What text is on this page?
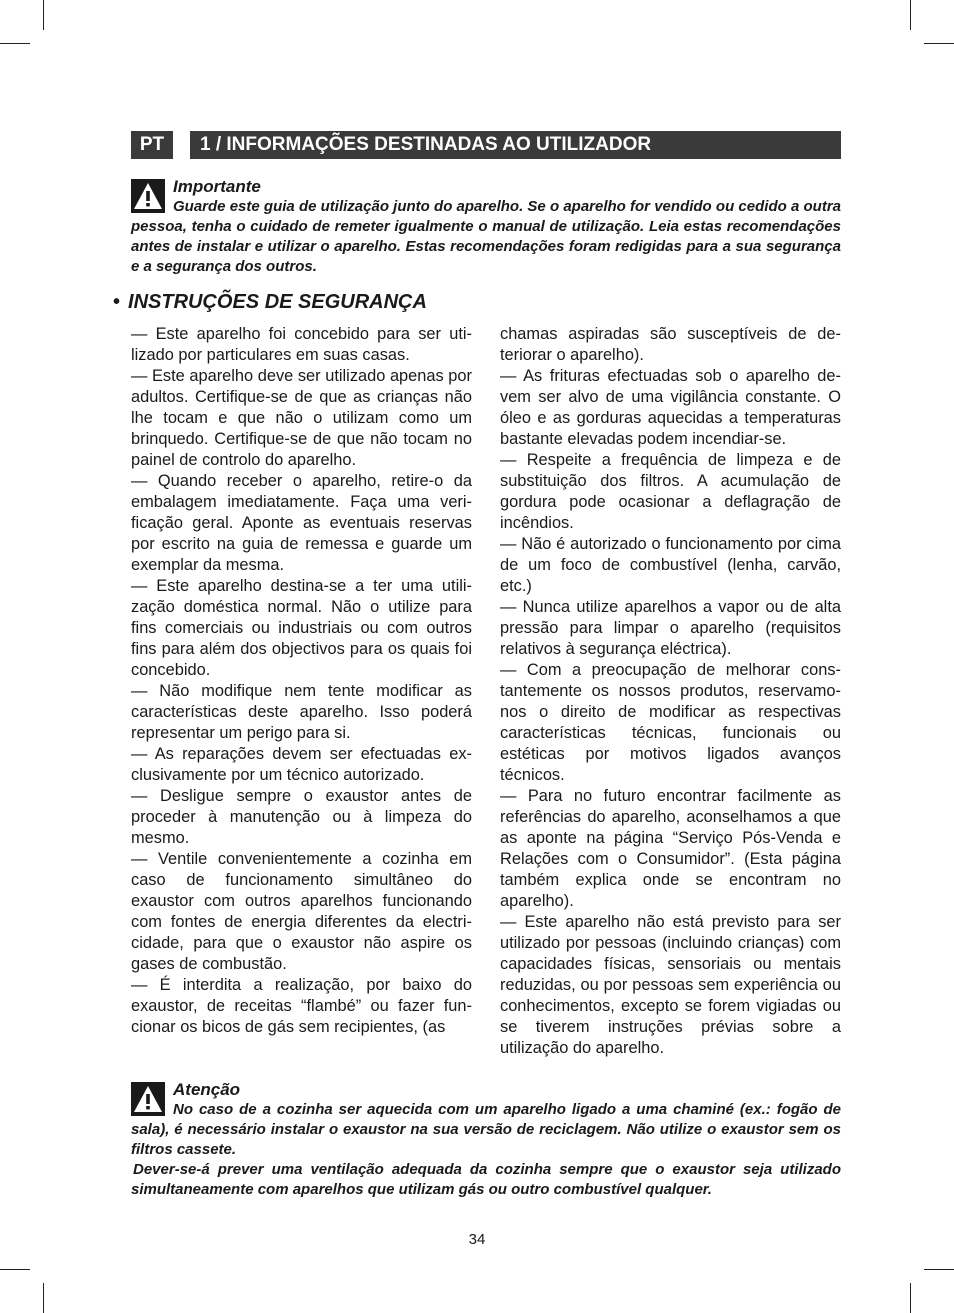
PT	1 / INFORMAÇÕES DESTINADAS AO UTILIZADOR
Importante

Guarde este guia de utilização junto do aparelho. Se o aparelho for vendido ou cedido a outra pessoa, tenha o cuidado de remeter igualmente o manual de utilização. Leia estas recomendações antes de instalar e utilizar o aparelho. Estas recomendações foram redigidas para a sua segurança e a segurança dos outros.

• INSTRUÇÕES DE SEGURANÇA

— Este aparelho foi concebido para ser utilizado por particulares em suas casas.

— Este aparelho deve ser utilizado apenas por adultos. Certifique-se de que as crianças não lhe tocam e que não o utilizam como um brinquedo. Certifique-se de que não tocam no painel de controlo do aparelho.

— Quando receber o aparelho, retire-o da embalagem imediatamente. Faça uma verificação geral. Aponte as eventuais reservas por escrito na guia de remessa e guarde um exemplar da mesma.

— Este aparelho destina-se a ter uma utilização doméstica normal. Não o utilize para fins comerciais ou industriais ou com outros fins para além dos objectivos para os quais foi concebido.

— Não modifique nem tente modificar as características deste aparelho. Isso poderá representar um perigo para si.

— As reparações devem ser efectuadas exclusivamente por um técnico autorizado.

— Desligue sempre o exaustor antes de proceder à manutenção ou à limpeza do mesmo.

— Ventile convenientemente a cozinha em caso de funcionamento simultâneo do exaustor com outros aparelhos funcionando com fontes de energia diferentes da electricidade, para que o exaustor não aspire os gases de combustão.

— É interdita a realização, por baixo do exaustor, de receitas “flambé” ou fazer funcionar os bicos de gás sem recipientes, (as

chamas aspiradas são susceptíveis de deteriorar o aparelho).

— As frituras efectuadas sob o aparelho devem ser alvo de uma vigilância constante. O óleo e as gorduras aquecidas a temperaturas bastante elevadas podem incendiar-se.

— Respeite a frequência de limpeza e de substituição dos filtros. A acumulação de gordura pode ocasionar a deflagração de incêndios.

— Não é autorizado o funcionamento por cima de um foco de combustível (lenha, carvão, etc.)

— Nunca utilize aparelhos a vapor ou de alta pressão para limpar o aparelho (requisitos relativos à segurança eléctrica).

— Com a preocupação de melhorar constantemente os nossos produtos, reservamo-nos o direito de modificar as respectivas características técnicas, funcionais ou estéticas por motivos ligados avanços técnicos.

— Para no futuro encontrar facilmente as referências do aparelho, aconselhamos a que as aponte na página “Serviço Pós-Venda e Relações com o Consumidor”. (Esta página também explica onde se encontram no aparelho).

— Este aparelho não está previsto para ser utilizado por pessoas (incluindo crianças) com capacidades físicas, sensoriais ou mentais reduzidas, ou por pessoas sem experiência ou conhecimentos, excepto se forem vigiadas ou se tiverem instruções prévias sobre a utilização do aparelho.

Atenção

No caso de a cozinha ser aquecida com um aparelho ligado a uma chaminé (ex.: fogão de sala), é necessário instalar o exaustor na sua versão de reciclagem. Não utilize o exaustor sem os filtros cassete.

Dever-se-á prever uma ventilação adequada da cozinha sempre que o exaustor seja utilizado simultaneamente com aparelhos que utilizam gás ou outro combustível qualquer.

34
